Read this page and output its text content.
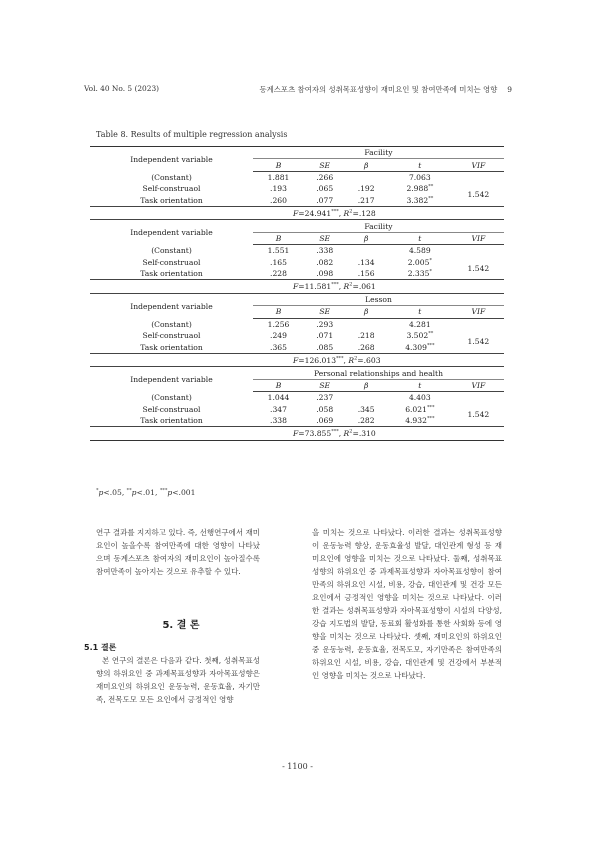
Vol. 40 No. 5 (2023)	동계스포츠 참여자의 성취목표성향이 재미요인 및 참여만족에 미치는 영향 9
Table 8. Results of multiple regression analysis
Independent variable	Facility				
	B	SE	β	t	VIF
(Constant)	1.881	.266		7.063	
Self-construaol	.193	.065	.192	2.988**	1.542
Task orientation	.260	.077	.217	3.382**
	F=24.941***, $R^2=.128$				
Independent variable	Facility				
	B	SE	β	t	VIF
(Constant)	1.551	.338		4.589	
Self-construaol	.165	.082	.134	2.005*	1.542
Task orientation	.228	.098	.156	2.335*
	F=11.581***, $R^2=.061$				
Independent variable	Lesson				
	B	SE	β	t	VIF
(Constant)	1.256	.293		4.281	
Self-construaol	.249	.071	.218	3.502**	1.542
Task orientation	.365	.085	.268	4.309***
	F=126.013***, $R^2=.603$				
Independent variable	Personal relationships and health				
	B	SE	β	t	VIF
(Constant)	1.044	.237		4.403	
Self-construaol	.347	.058	.345	6.021***	1.542
Task orientation	.338	.069	.282	4.932***
	F=73.855***, $R^2=.310$				
*p<.05, **p<.01, ***p<.001

연구 결과를 지지하고 있다. 즉, 선행연구에서 재미요인이 높을수록 참여만족에 대한 영향이 나타났으며 동계스포츠 참여자의 재미요인이 높아질수록 참여만족이 높아지는 것으로 유추할 수 있다.

5. 결 론
5.1 결론

본 연구의 결론은 다음과 같다. 첫째, 성취목표성향의 하위요인 중 과제목표성향과 자아목표성향은 재미요인의 하위요인 운동능력, 운동효율, 자기만족, 전목도모 모든 요인에서 긍정적인 영향

을 미치는 것으로 나타났다. 이러한 결과는 성취목표성향이 운동능력 향상, 운동효율성 발달, 대인관계 형성 등 재미요인에 영향을 미치는 것으로 나타났다. 둘째, 성취목표성향의 하위요인 중 과제목표성향과 자아목표성향이 참여만족의 하위요인 시설, 비용, 강습, 대인관계 및 건강 모든 요인에서 긍정적인 영향을 미치는 것으로 나타났다. 이러한 결과는 성취목표성향과 자아목표성향이 시설의 다양성, 강습 지도법의 발달, 동료회 활성화를 통한 사회화 등에 영향을 미치는 것으로 나타났다. 셋째, 재미요인의 하위요인 중 운동능력, 운동효율, 전목도모, 자기만족은 참여만족의 하위요인 시설, 비용, 강습, 대인관계 및 건강에서 부분적인 영향을 미치는 것으로 나타났다.

- 1100 -
